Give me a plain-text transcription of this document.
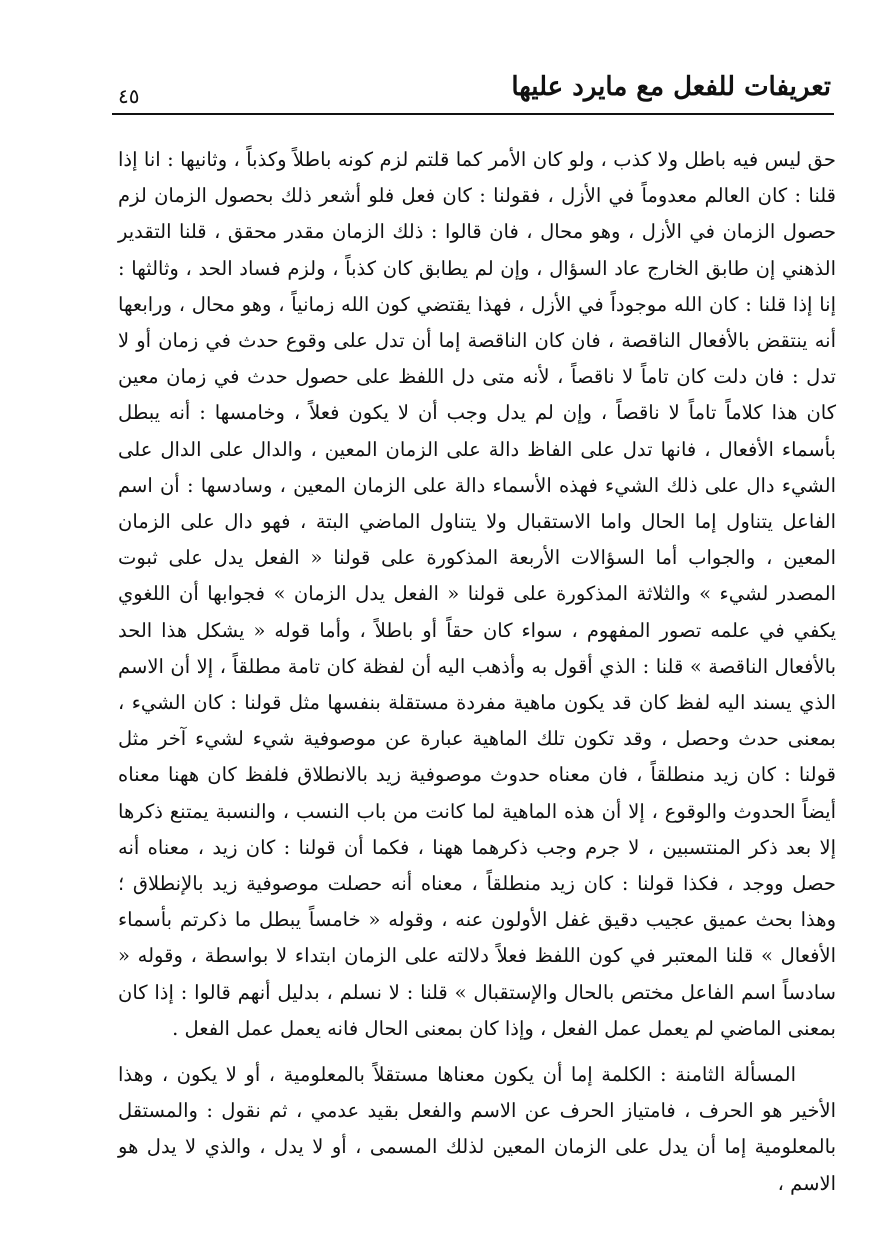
تعريفات للفعل مع مايرد عليها
٤٥

حق ليس فيه باطل ولا كذب ، ولو كان الأمر كما قلتم لزم كونه باطلاً وكذباً ، وثانيها : انا إذا قلنا : كان العالم معدوماً في الأزل ، فقولنا : كان فعل فلو أشعر ذلك بحصول الزمان لزم حصول الزمان في الأزل ، وهو محال ، فان قالوا : ذلك الزمان مقدر محقق ، قلنا التقدير الذهني إن طابق الخارج عاد السؤال ، وإن لم يطابق كان كذباً ، ولزم فساد الحد ، وثالثها : إنا إذا قلنا : كان الله موجوداً في الأزل ، فهذا يقتضي كون الله زمانياً ، وهو محال ، ورابعها أنه ينتقض بالأفعال الناقصة ، فان كان الناقصة إما أن تدل على وقوع حدث في زمان أو لا تدل : فان دلت كان تاماً لا ناقصاً ، لأنه متى دل اللفظ على حصول حدث في زمان معين كان هذا كلاماً تاماً لا ناقصاً ، وإن لم يدل وجب أن لا يكون فعلاً ، وخامسها : أنه يبطل بأسماء الأفعال ، فانها تدل على الفاظ دالة على الزمان المعين ، والدال على الدال على الشيء دال على ذلك الشيء فهذه الأسماء دالة على الزمان المعين ، وسادسها : أن اسم الفاعل يتناول إما الحال واما الاستقبال ولا يتناول الماضي البتة ، فهو دال على الزمان المعين ، والجواب أما السؤالات الأربعة المذكورة على قولنا « الفعل يدل على ثبوت المصدر لشيء » والثلاثة المذكورة على قولنا « الفعل يدل الزمان » فجوابها أن اللغوي يكفي في علمه تصور المفهوم ، سواء كان حقاً أو باطلاً ، وأما قوله « يشكل هذا الحد بالأفعال الناقصة » قلنا : الذي أقول به وأذهب اليه أن لفظة كان تامة مطلقاً ، إلا أن الاسم الذي يسند اليه لفظ كان قد يكون ماهية مفردة مستقلة بنفسها مثل قولنا : كان الشيء ، بمعنى حدث وحصل ، وقد تكون تلك الماهية عبارة عن موصوفية شيء لشيء آخر مثل قولنا : كان زيد منطلقاً ، فان معناه حدوث موصوفية زيد بالانطلاق فلفظ كان ههنا معناه أيضاً الحدوث والوقوع ، إلا أن هذه الماهية لما كانت من باب النسب ، والنسبة يمتنع ذكرها إلا بعد ذكر المنتسبين ، لا جرم وجب ذكرهما ههنا ، فكما أن قولنا : كان زيد ، معناه أنه حصل ووجد ، فكذا قولنا : كان زيد منطلقاً ، معناه أنه حصلت موصوفية زيد بالإنطلاق ؛ وهذا بحث عميق عجيب دقيق غفل الأولون عنه ، وقوله « خامساً يبطل ما ذكرتم بأسماء الأفعال » قلنا المعتبر في كون اللفظ فعلاً دلالته على الزمان ابتداء لا بواسطة ، وقوله « سادساً اسم الفاعل مختص بالحال والإستقبال » قلنا : لا نسلم ، بدليل أنهم قالوا : إذا كان بمعنى الماضي لم يعمل عمل الفعل ، وإذا كان بمعنى الحال فانه يعمل عمل الفعل .

المسألة الثامنة : الكلمة إما أن يكون معناها مستقلاً بالمعلومية ، أو لا يكون ، وهذا الأخير هو الحرف ، فامتياز الحرف عن الاسم والفعل بقيد عدمي ، ثم نقول : والمستقل بالمعلومية إما أن يدل على الزمان المعين لذلك المسمى ، أو لا يدل ، والذي لا يدل هو الاسم ،
